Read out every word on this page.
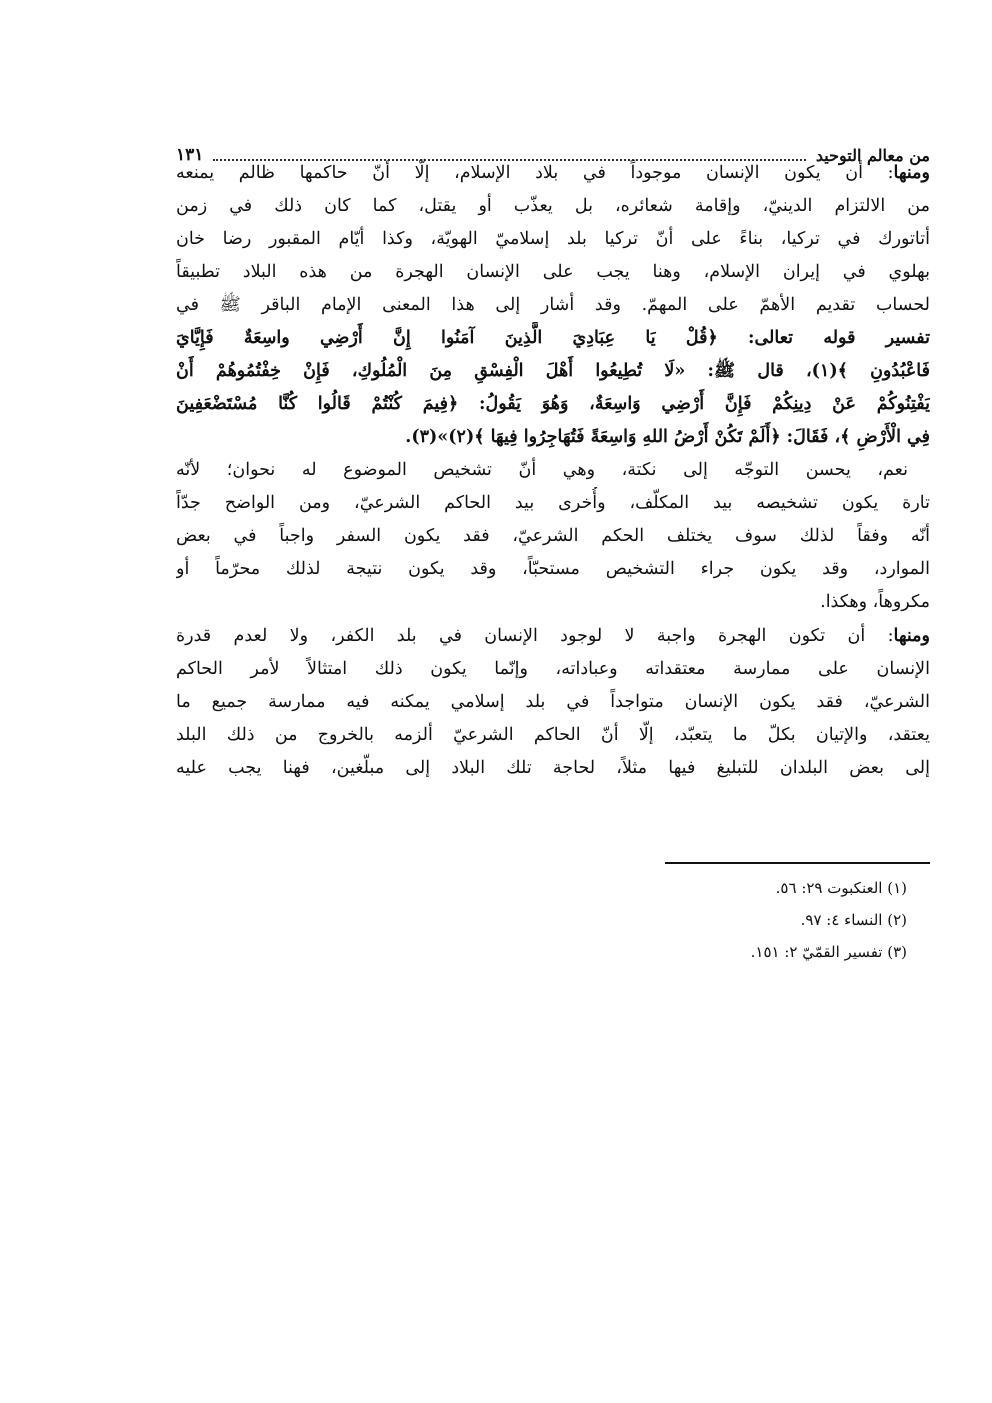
من معالم التوحيد
١٣١
ومنها: أن يكون الإنسان موجوداً في بلاد الإسلام، إلّا أنّ حاكمها ظالم يمنعه
من الالتزام الدينيّ، وإقامة شعائره، بل يعذّب أو يقتل، كما كان ذلك في زمن
أتاتورك في تركيا، بناءً على أنّ تركيا بلد إسلاميّ الهويّة، وكذا أيّام المقبور رضا خان
بهلوي في إيران الإسلام، وهنا يجب على الإنسان الهجرة من هذه البلاد تطبيقاً
لحساب تقديم الأهمّ على المهمّ. وقد أشار إلى هذا المعنى الإمام الباقر ﷺ في
تفسير قوله تعالى: ﴿قُلْ يَا عِبَادِيَ الَّذِينَ آمَنُوا إِنَّ أَرْضِي واسِعَةٌ فَإِيَّايَ
فَاعْبُدُونِ ﴾(١)، قال ﷺ: «لَا تُطِيعُوا أَهْلَ الْفِسْقِ مِنَ الْمُلُوكِ، فَإِنْ خِفْتُمُوهُمْ أَنْ
يَفْتِنُوكُمْ عَنْ دِينِكُمْ فَإِنَّ أَرْضِي وَاسِعَةٌ، وَهُوَ يَقُولُ: ﴿فِيمَ كُنْتُمْ قَالُوا كُنَّا مُسْتَضْعَفِينَ
فِي الْأَرْضِ ﴾، فَقَالَ: ﴿أَلَمْ تَكُنْ أَرْضُ اللهِ وَاسِعَةً فَتُهَاجِرُوا فِيهَا ﴾(٢)»(٣).
نعم، يحسن التوجّه إلى نكتة، وهي أنّ تشخيص الموضوع له نحوان؛ لأنّه
تارة يكون تشخيصه بيد المكلّف، وأُخرى بيد الحاكم الشرعيّ، ومن الواضح جدّاً
أنّه وفقاً لذلك سوف يختلف الحكم الشرعيّ، فقد يكون السفر واجباً في بعض
الموارد، وقد يكون جراء التشخيص مستحبّاً، وقد يكون نتيجة لذلك محرّماً أو
مكروهاً، وهكذا.
ومنها: أن تكون الهجرة واجبة لا لوجود الإنسان في بلد الكفر، ولا لعدم قدرة
الإنسان على ممارسة معتقداته وعباداته، وإنّما يكون ذلك امتثالاً لأمر الحاكم
الشرعيّ، فقد يكون الإنسان متواجداً في بلد إسلامي يمكنه فيه ممارسة جميع ما
يعتقد، والإتيان بكلّ ما يتعبّد، إلّا أنّ الحاكم الشرعيّ ألزمه بالخروج من ذلك البلد
إلى بعض البلدان للتبليغ فيها مثلاً، لحاجة تلك البلاد إلى مبلّغين، فهنا يجب عليه
(١) العنكبوت ٢٩: ٥٦.
(٢) النساء ٤: ٩٧.
(٣) تفسير القمّيّ ٢: ١٥١.
